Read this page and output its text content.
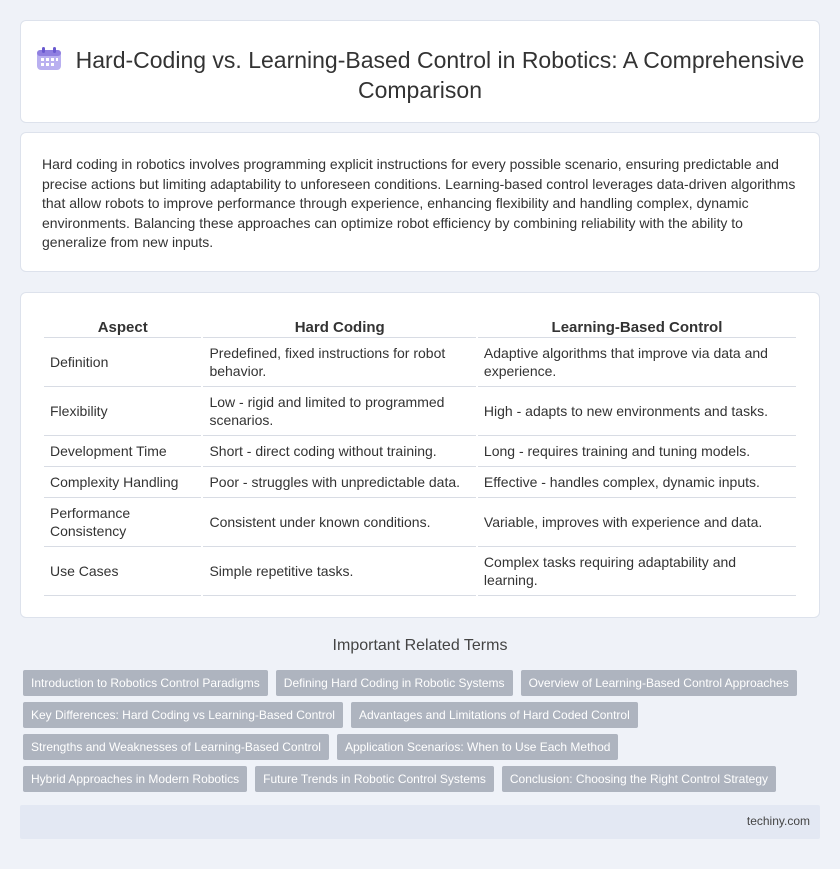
Hard-Coding vs. Learning-Based Control in Robotics: A Comprehensive Comparison

Hard coding in robotics involves programming explicit instructions for every possible scenario, ensuring predictable and precise actions but limiting adaptability to unforeseen conditions. Learning-based control leverages data-driven algorithms that allow robots to improve performance through experience, enhancing flexibility and handling complex, dynamic environments. Balancing these approaches can optimize robot efficiency by combining reliability with the ability to generalize from new inputs.

Aspect	Hard Coding	Learning-Based Control
Definition	Predefined, fixed instructions for robot behavior.	Adaptive algorithms that improve via data and experience.
Flexibility	Low - rigid and limited to programmed scenarios.	High - adapts to new environments and tasks.
Development Time	Short - direct coding without training.	Long - requires training and tuning models.
Complexity Handling	Poor - struggles with unpredictable data.	Effective - handles complex, dynamic inputs.
Performance Consistency	Consistent under known conditions.	Variable, improves with experience and data.
Use Cases	Simple repetitive tasks.	Complex tasks requiring adaptability and learning.
Important Related Terms
Introduction to Robotics Control Paradigms	Defining Hard Coding in Robotic Systems	Overview of Learning-Based Control Approaches
Key Differences: Hard Coding vs Learning-Based Control	Advantages and Limitations of Hard Coded Control
Strengths and Weaknesses of Learning-Based Control	Application Scenarios: When to Use Each Method
Hybrid Approaches in Modern Robotics	Future Trends in Robotic Control Systems	Conclusion: Choosing the Right Control Strategy
techiny.com
